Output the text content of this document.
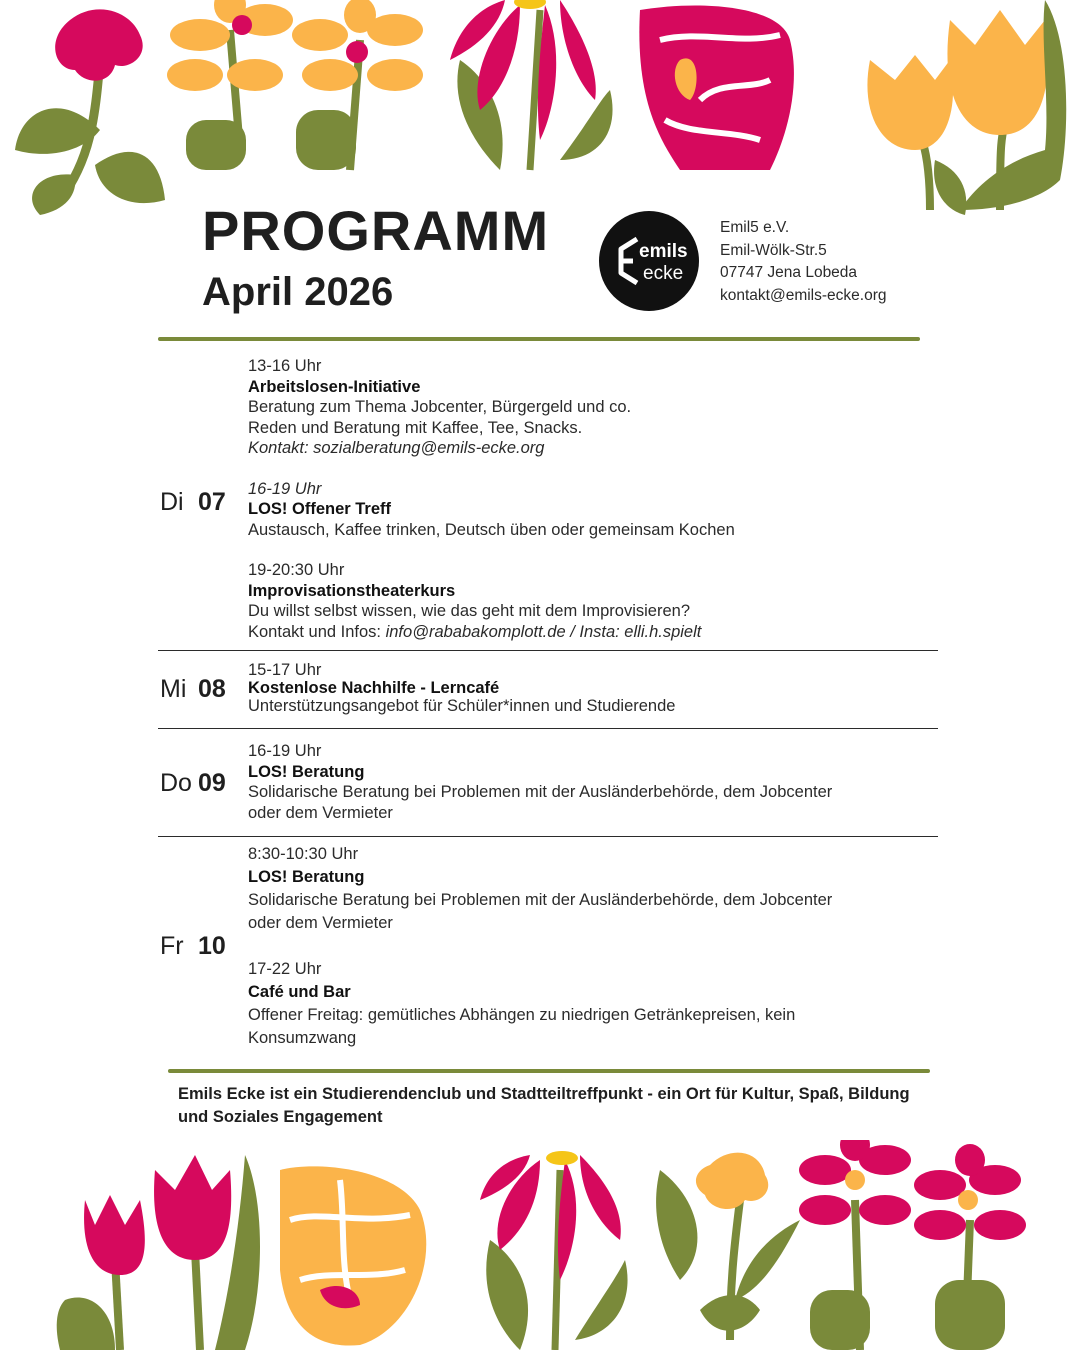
PROGRAMM
April 2026
emils
ecke
Emil5 e.V.
Emil-Wölk-Str.5
07747 Jena Lobeda
kontakt@emils-ecke.org
Di 07
13-16 Uhr
Arbeitslosen-Initiative
Beratung zum Thema Jobcenter, Bürgergeld und co.
Reden und Beratung mit Kaffee, Tee, Snacks.
Kontakt: sozialberatung@emils-ecke.org
16-19 Uhr
LOS! Offener Treff
Austausch, Kaffee trinken, Deutsch üben oder gemeinsam Kochen
19-20:30 Uhr
Improvisationstheaterkurs
Du willst selbst wissen, wie das geht mit dem Improvisieren?
Kontakt und Infos: info@rababakomplott.de / Insta: elli.h.spielt
Mi 08
15-17 Uhr
Kostenlose Nachhilfe - Lerncafé
Unterstützungsangebot für Schüler*innen und Studierende
Do 09
16-19 Uhr
LOS! Beratung
Solidarische Beratung bei Problemen mit der Ausländerbehörde, dem Jobcenter
oder dem Vermieter
Fr 10
8:30-10:30 Uhr
LOS! Beratung
Solidarische Beratung bei Problemen mit der Ausländerbehörde, dem Jobcenter
oder dem Vermieter
17-22 Uhr
Café und Bar
Offener Freitag: gemütliches Abhängen zu niedrigen Getränkepreisen, kein
Konsumzwang
Emils Ecke ist ein Studierendenclub und Stadtteiltreffpunkt - ein Ort für Kultur, Spaß, Bildung und Soziales Engagement
